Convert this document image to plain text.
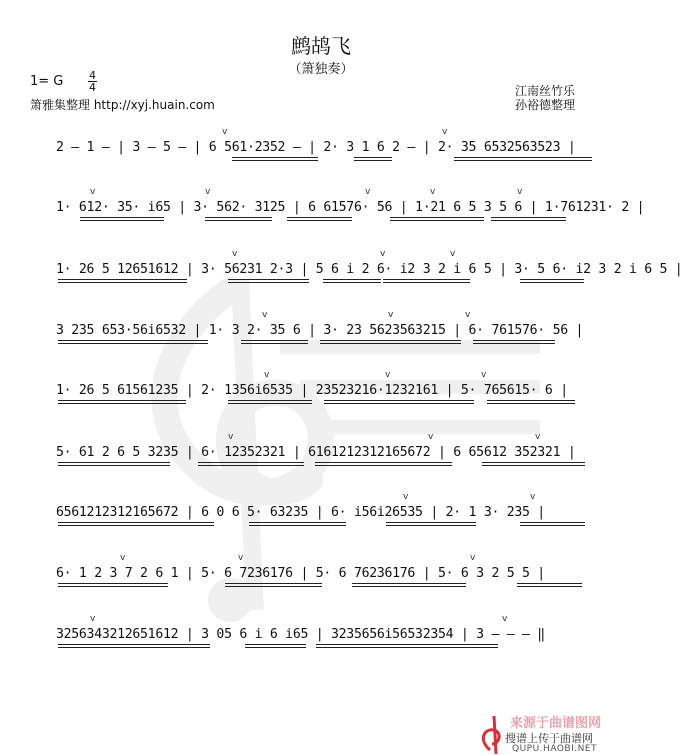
鹧鸪飞
（箫独奏）
1= G 4
4
箫雅集整理 http://xyj.huain.com
江南丝竹乐
孙裕德整理
2 — 1 — | 3 — 5 — | 6 561·2352 — | 2· 3 1 6 2 — | 2· 35 6532563523 |
1· 612· 35· i65 | 3· 562· 3125 | 6 61576· 56 | 1·21 6 5 3 5 6 | 1·761231· 2 |
1· 26 5 12651612 | 3· 56231 2·3 | 5 6 i 2 6· i2 3 2 i 6 5 | 3· 5 6· i2 3 2 i 6 5 |
3 235 653·56i6532 | 1· 3 2· 35 6 | 3· 23 5623563215 | 6· 761576· 56 |
1· 26 5 61561235 | 2· 1356i6535 | 23523216·1232161 | 5· 765615· 6 |
5· 61 2 6 5 3235 | 6· 12352321 | 6161212312165672 | 6 65612 352321 |
6561212312165672 | 6 0 6 5· 63235 | 6· i56i26535 | 2· 1 3· 235 |
6· 1 2 3 7 2 6 1 | 5· 6 7236176 | 5· 6 76236176 | 5· 6 3 2 5 5 |
3256343212651612 | 3 05 6 i 6 i65 | 3235656i56532354 | 3 — — — ‖
v	v
v	v	v	v	v
v	v	v
v	v	v
v	v	v
v	v	v
v	v
v	v	v
v	v
来源于曲谱图网
搜谱上传于曲谱网
QUPU.HAOBI.NET
